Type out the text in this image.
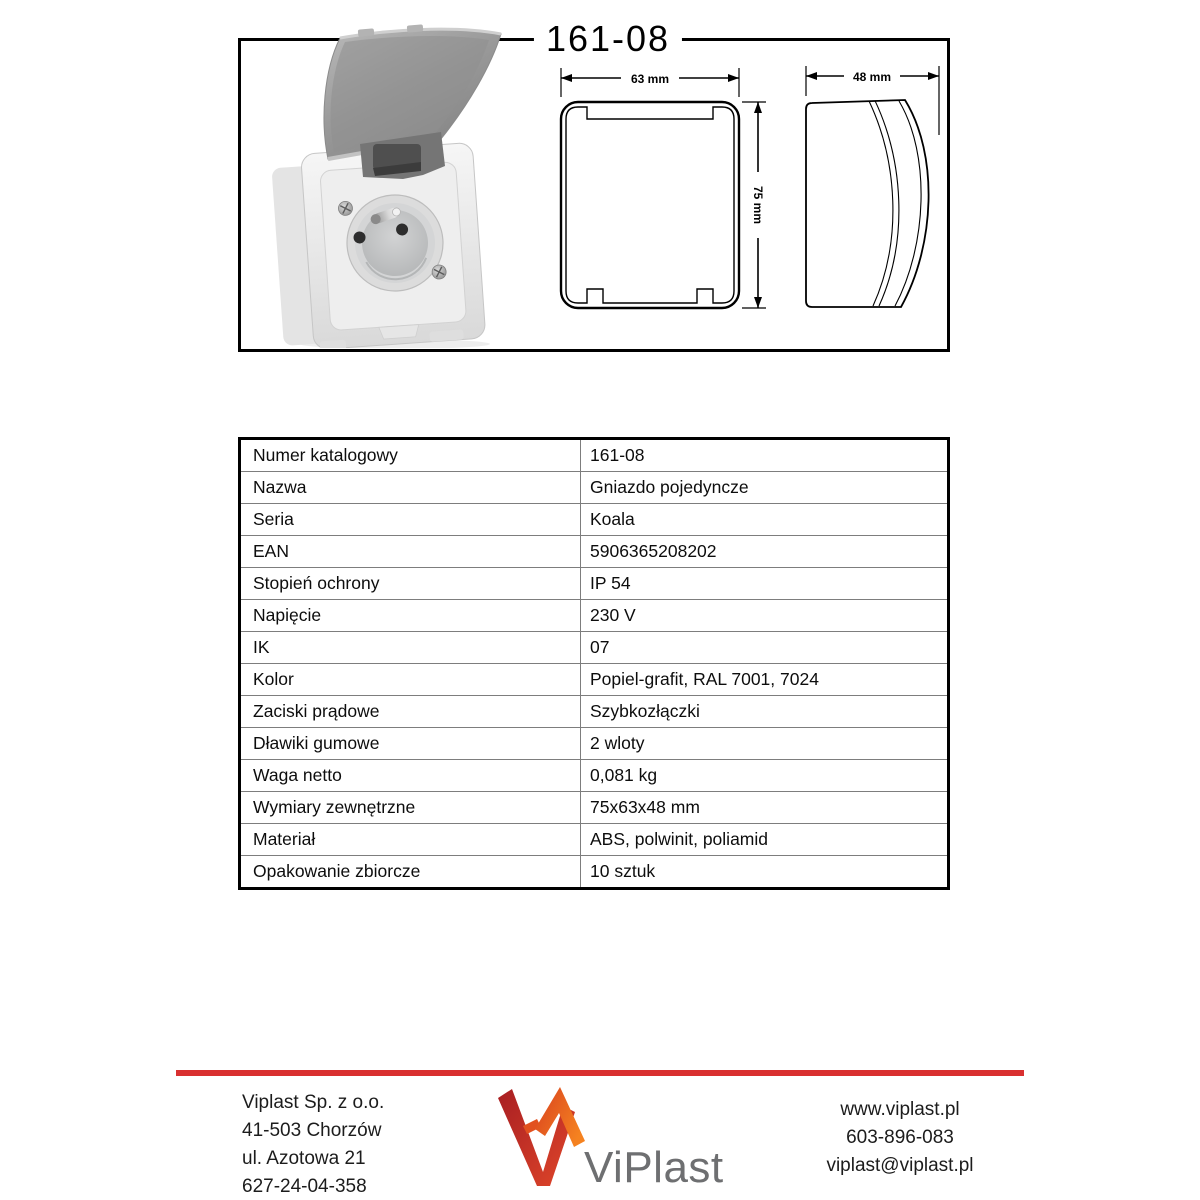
161-08
63 mm
75 mm
48 mm
Numer katalogowy	161-08
Nazwa	Gniazdo pojedyncze
Seria	Koala
EAN	5906365208202
Stopień ochrony	IP 54
Napięcie	230 V
IK	07
Kolor	Popiel-grafit, RAL 7001, 7024
Zaciski prądowe	Szybkozłączki
Dławiki gumowe	2 wloty
Waga netto	0,081 kg
Wymiary zewnętrzne	75x63x48 mm
Materiał	ABS, polwinit, poliamid
Opakowanie zbiorcze	10 sztuk
Viplast Sp. z o.o.
41-503 Chorzów
ul. Azotowa 21
627-24-04-358	ViPlast
www.viplast.pl
603-896-083
viplast@viplast.pl
